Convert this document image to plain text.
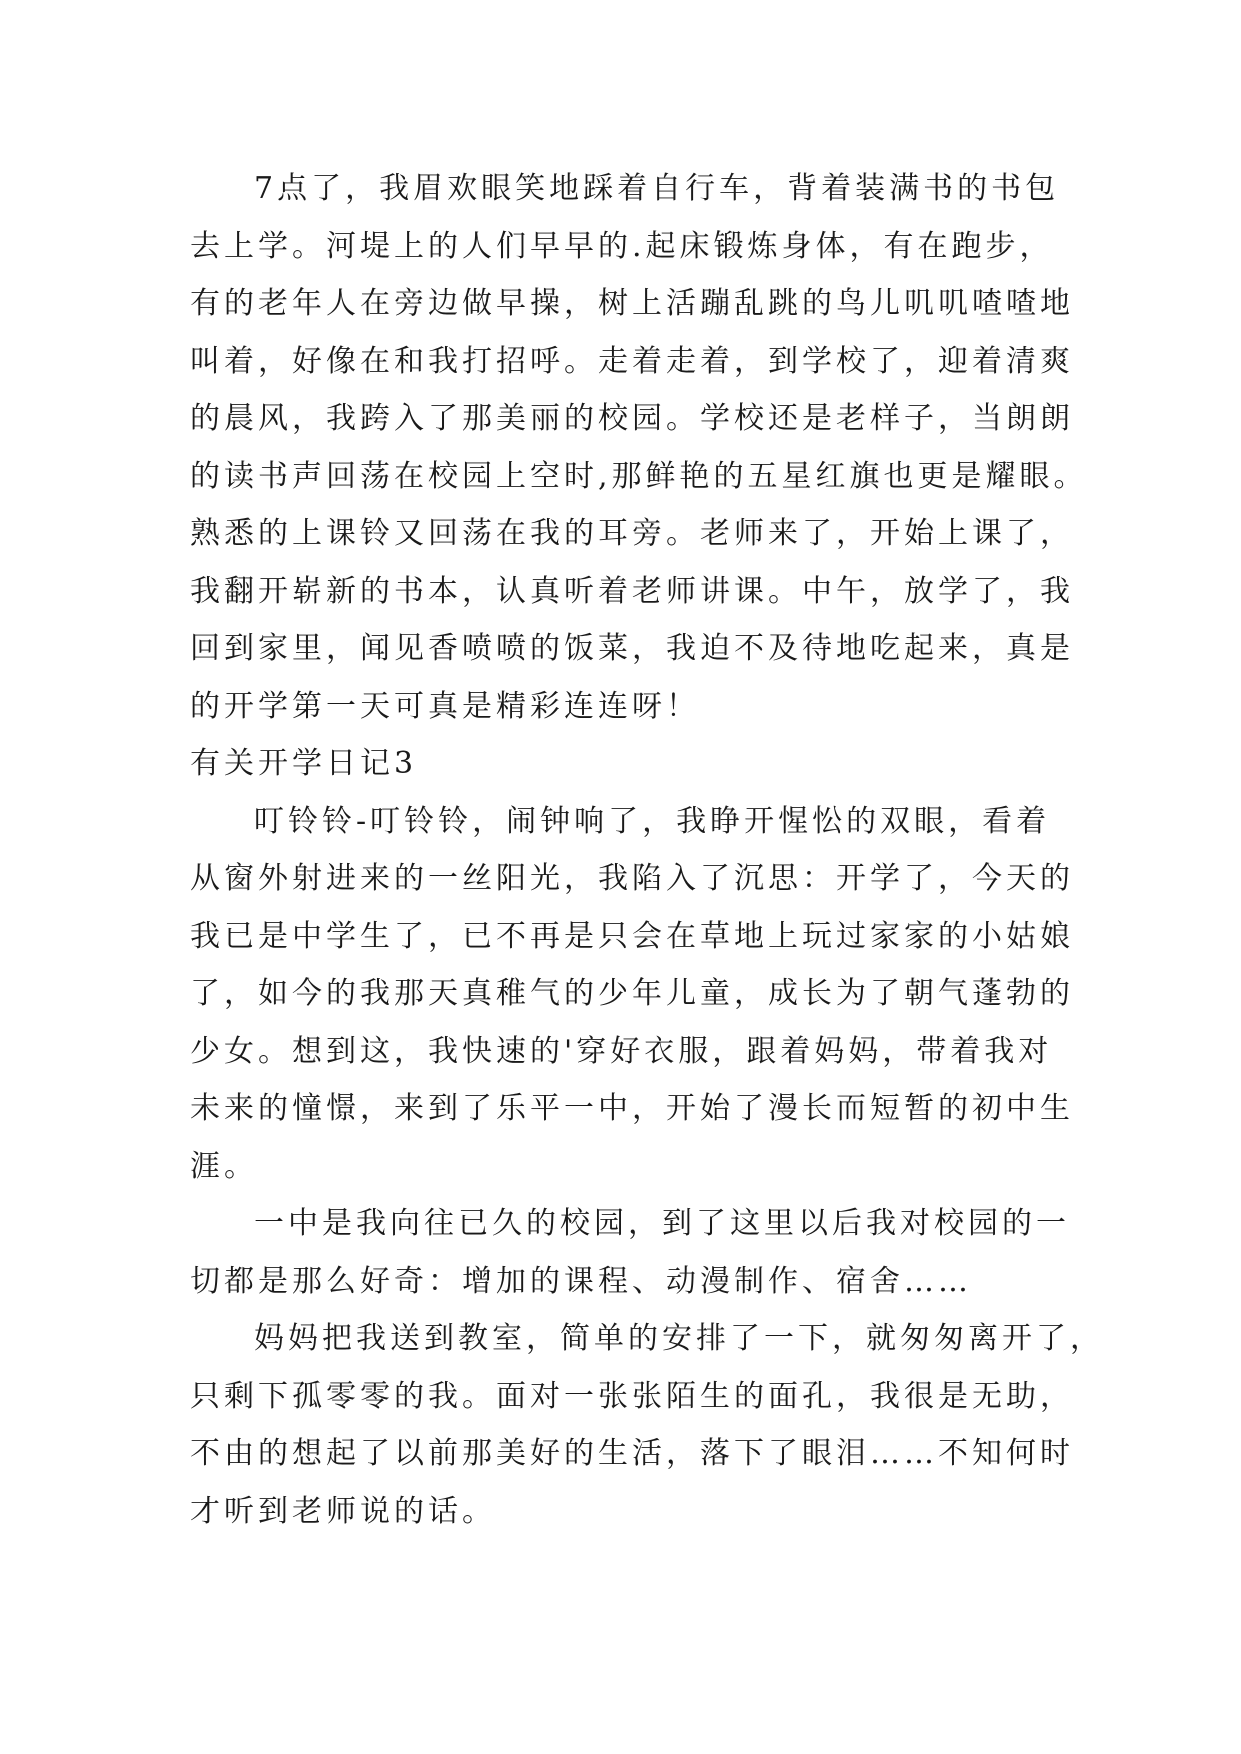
7点了，我眉欢眼笑地踩着自行车，背着装满书的书包

去上学。河堤上的人们早早的.起床锻炼身体，有在跑步，

有的老年人在旁边做早操，树上活蹦乱跳的鸟儿叽叽喳喳地

叫着，好像在和我打招呼。走着走着，到学校了，迎着清爽

的晨风，我跨入了那美丽的校园。学校还是老样子，当朗朗

的读书声回荡在校园上空时,那鲜艳的五星红旗也更是耀眼。

熟悉的上课铃又回荡在我的耳旁。老师来了，开始上课了，

我翻开崭新的书本，认真听着老师讲课。中午，放学了，我

回到家里，闻见香喷喷的饭菜，我迫不及待地吃起来，真是

的开学第一天可真是精彩连连呀！

有关开学日记3

叮铃铃-叮铃铃，闹钟响了，我睁开惺忪的双眼，看着

从窗外射进来的一丝阳光，我陷入了沉思：开学了，今天的

我已是中学生了，已不再是只会在草地上玩过家家的小姑娘

了，如今的我那天真稚气的少年儿童，成长为了朝气蓬勃的

少女。想到这，我快速的'穿好衣服，跟着妈妈，带着我对

未来的憧憬，来到了乐平一中，开始了漫长而短暂的初中生

涯。

一中是我向往已久的校园，到了这里以后我对校园的一

切都是那么好奇：增加的课程、动漫制作、宿舍……

妈妈把我送到教室，简单的安排了一下，就匆匆离开了，

只剩下孤零零的我。面对一张张陌生的面孔，我很是无助，

不由的想起了以前那美好的生活，落下了眼泪……不知何时

才听到老师说的话。
